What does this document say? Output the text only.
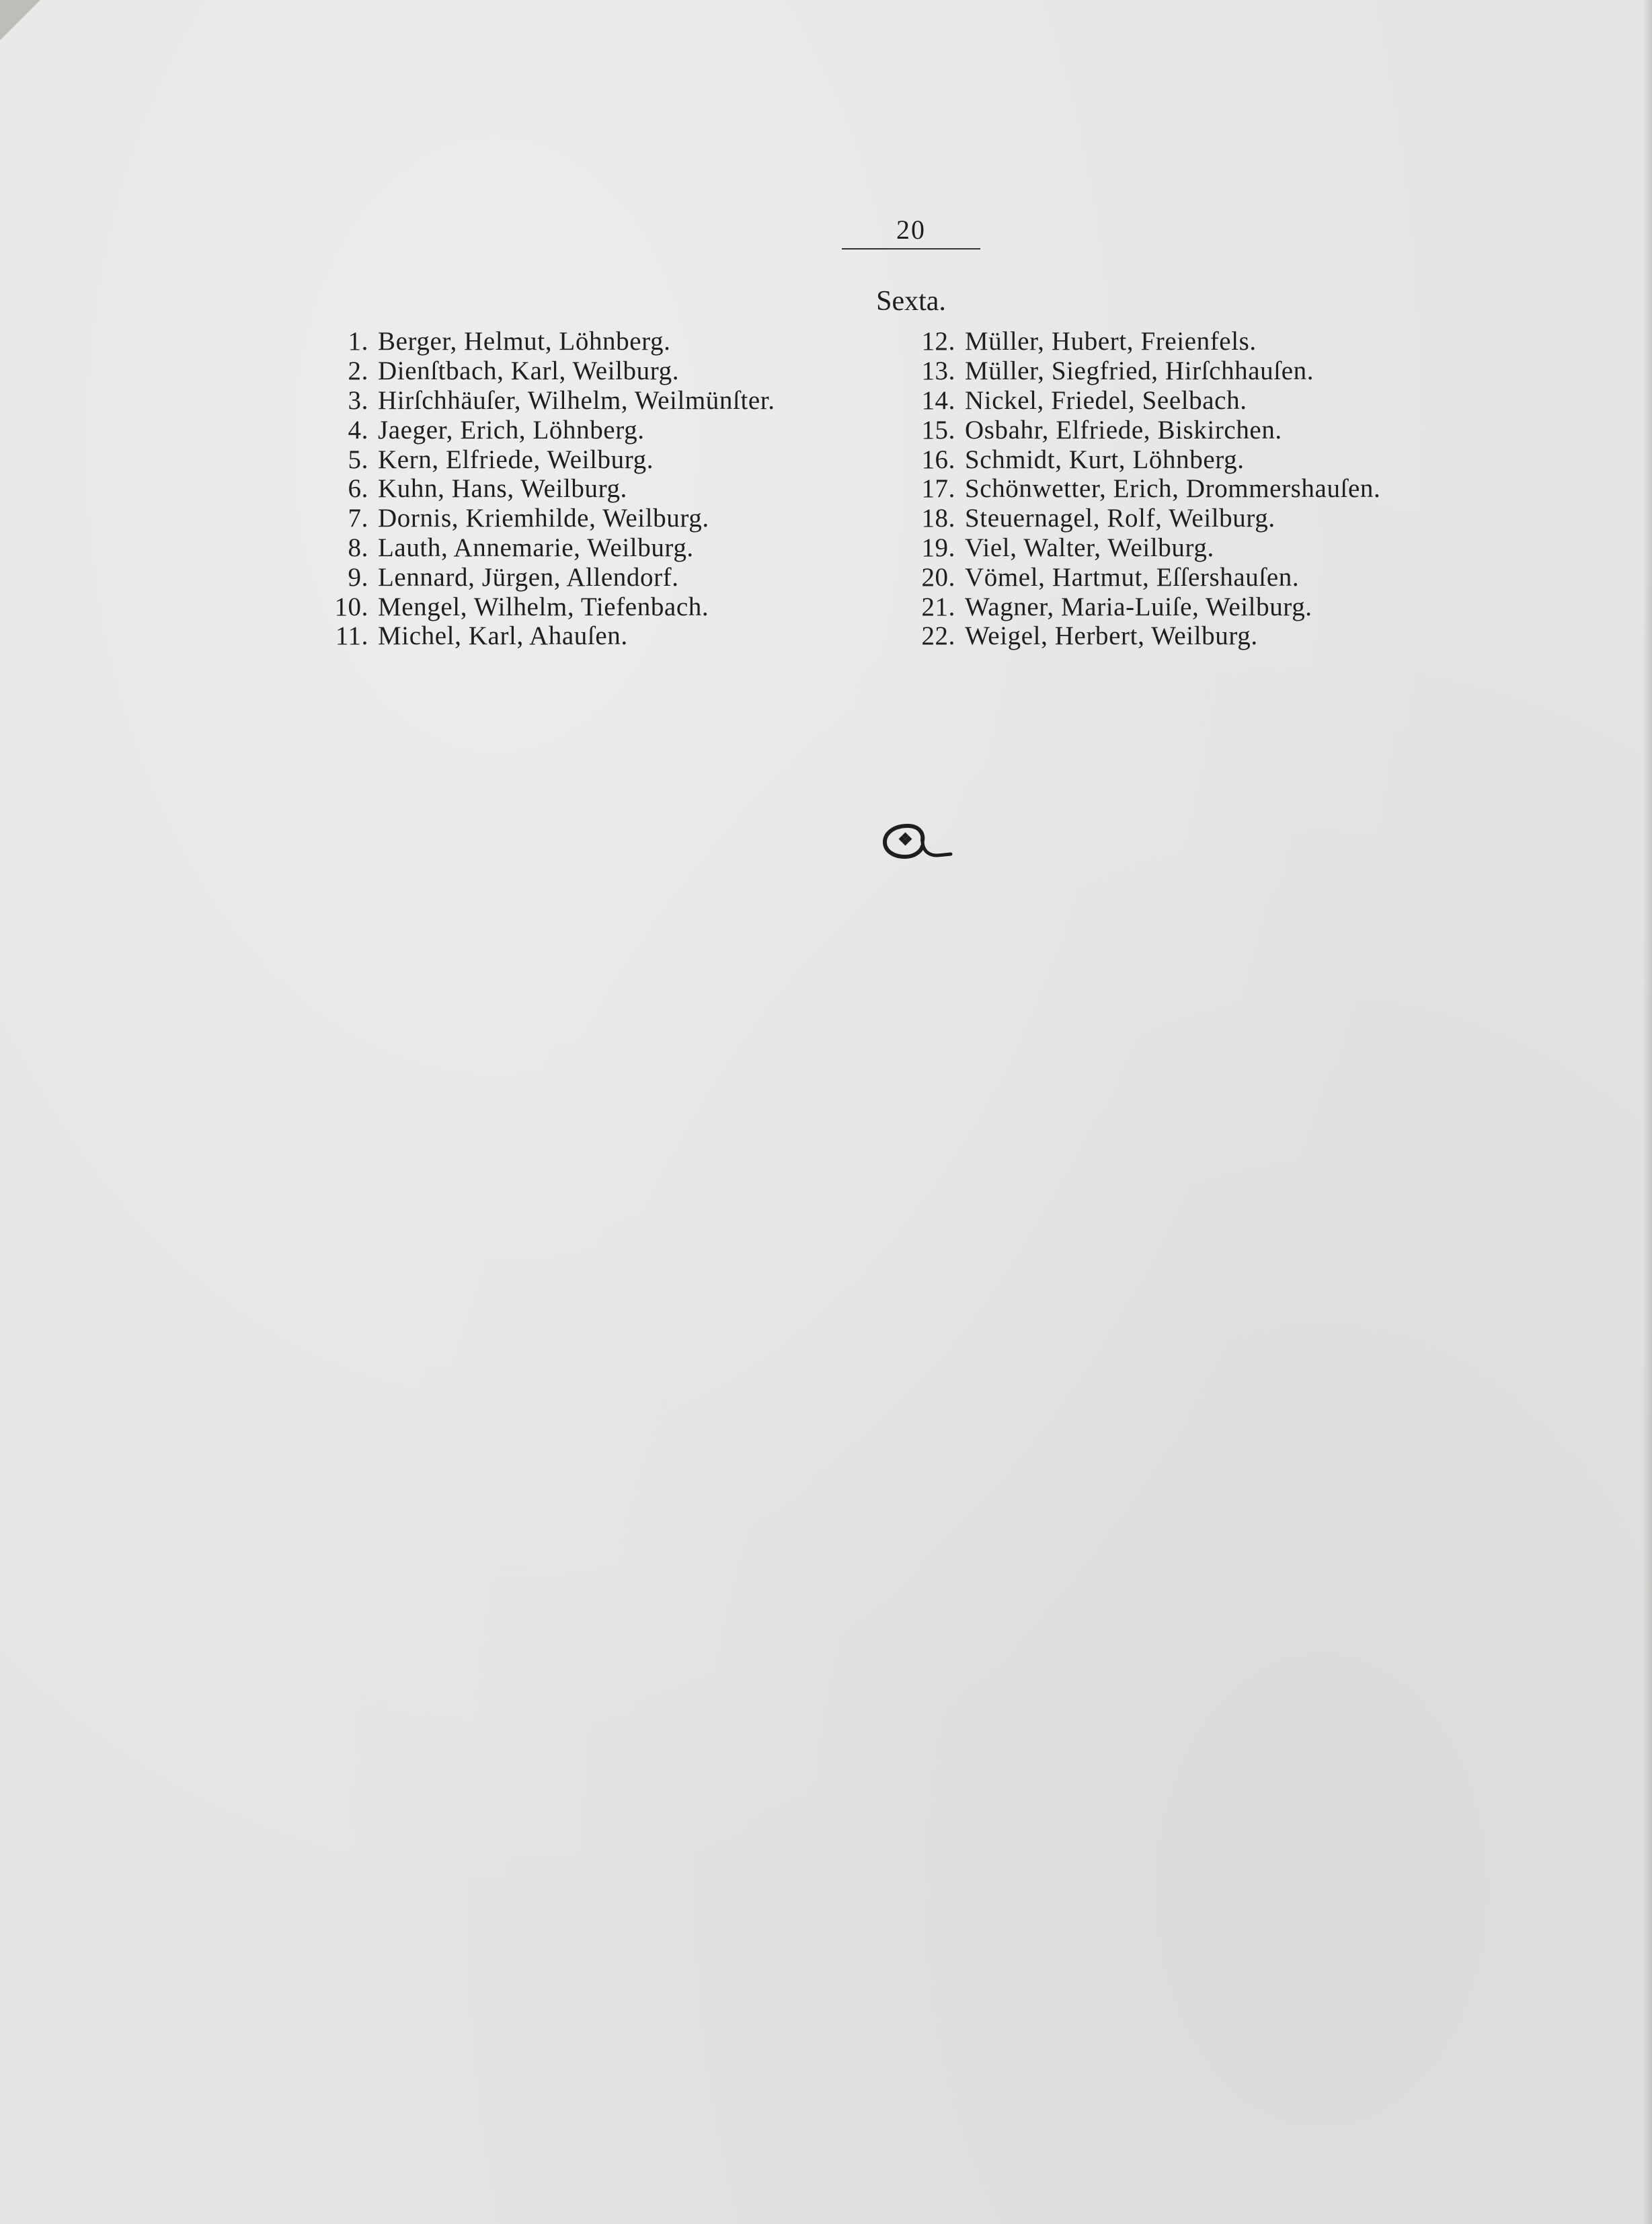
20
Sexta.
1. Berger, Helmut, Löhnberg.
2. Dienſtbach, Karl, Weilburg.
3. Hirſchhäuſer, Wilhelm, Weilmünſter.
4. Jaeger, Erich, Löhnberg.
5. Kern, Elfriede, Weilburg.
6. Kuhn, Hans, Weilburg.
7. Dornis, Kriemhilde, Weilburg.
8. Lauth, Annemarie, Weilburg.
9. Lennard, Jürgen, Allendorf.
10. Mengel, Wilhelm, Tiefenbach.
11. Michel, Karl, Ahauſen.
12. Müller, Hubert, Freienfels.
13. Müller, Siegfried, Hirſchhauſen.
14. Nickel, Friedel, Seelbach.
15. Osbahr, Elfriede, Biskirchen.
16. Schmidt, Kurt, Löhnberg.
17. Schönwetter, Erich, Drommershauſen.
18. Steuernagel, Rolf, Weilburg.
19. Viel, Walter, Weilburg.
20. Vömel, Hartmut, Eſſershauſen.
21. Wagner, Maria-Luiſe, Weilburg.
22. Weigel, Herbert, Weilburg.
